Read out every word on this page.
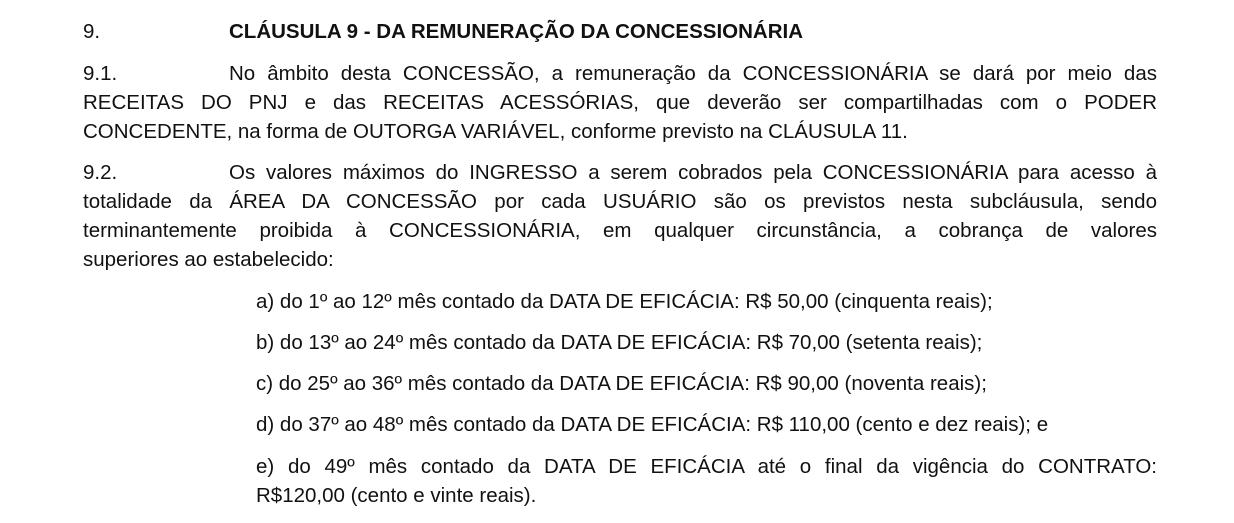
9.	CLÁUSULA 9 - DA REMUNERAÇÃO DA CONCESSIONÁRIA
9.1.	No âmbito desta CONCESSÃO, a remuneração da CONCESSIONÁRIA se dará por meio das
RECEITAS DO PNJ e das RECEITAS ACESSÓRIAS, que deverão ser compartilhadas com o PODER
CONCEDENTE, na forma de OUTORGA VARIÁVEL, conforme previsto na CLÁUSULA 11.
9.2.	Os valores máximos do INGRESSO a serem cobrados pela CONCESSIONÁRIA para acesso à
totalidade da ÁREA DA CONCESSÃO por cada USUÁRIO são os previstos nesta subcláusula, sendo
terminantemente proibida à CONCESSIONÁRIA, em qualquer circunstância, a cobrança de valores
superiores ao estabelecido:
a) do 1º ao 12º mês contado da DATA DE EFICÁCIA: R$ 50,00 (cinquenta reais);
b) do 13º ao 24º mês contado da DATA DE EFICÁCIA: R$ 70,00 (setenta reais);
c) do 25º ao 36º mês contado da DATA DE EFICÁCIA: R$ 90,00 (noventa reais);
d) do 37º ao 48º mês contado da DATA DE EFICÁCIA: R$ 110,00 (cento e dez reais); e
e) do 49º mês contado da DATA DE EFICÁCIA até o final da vigência do CONTRATO:
R$120,00 (cento e vinte reais).
